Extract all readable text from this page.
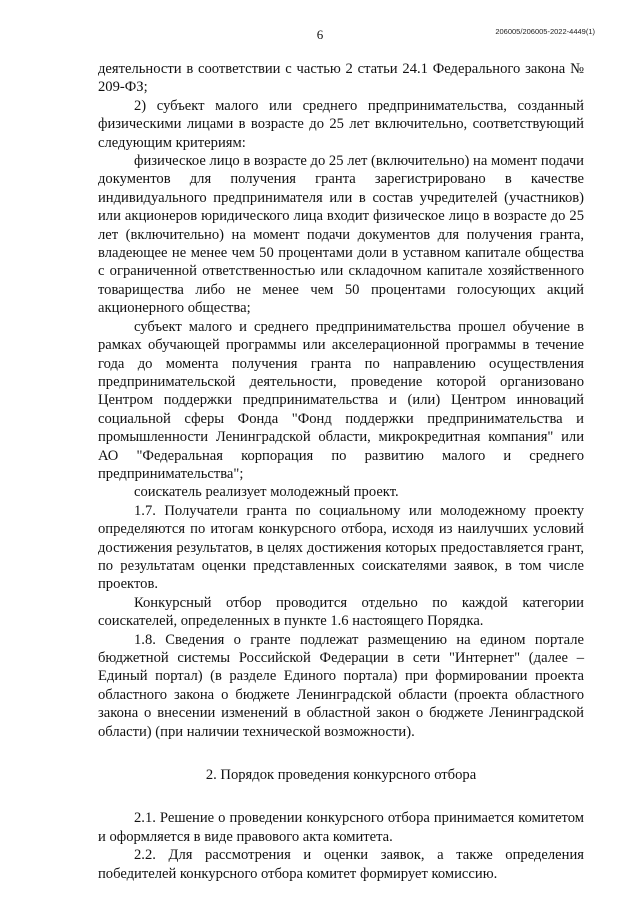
6	206005/206005-2022-4449(1)

деятельности в соответствии с частью 2 статьи 24.1 Федерального закона № 209-ФЗ;

2) субъект малого или среднего предпринимательства, созданный физическими лицами в возрасте до 25 лет включительно, соответствующий следующим критериям:

физическое лицо в возрасте до 25 лет (включительно) на момент подачи документов для получения гранта зарегистрировано в качестве индивидуального предпринимателя или в состав учредителей (участников) или акционеров юридического лица входит физическое лицо в возрасте до 25 лет (включительно) на момент подачи документов для получения гранта, владеющее не менее чем 50 процентами доли в уставном капитале общества с ограниченной ответственностью или складочном капитале хозяйственного товарищества либо не менее чем 50 процентами голосующих акций акционерного общества;

субъект малого и среднего предпринимательства прошел обучение в рамках обучающей программы или акселерационной программы в течение года до момента получения гранта по направлению осуществления предпринимательской деятельности, проведение которой организовано Центром поддержки предпринимательства и (или) Центром инноваций социальной сферы Фонда "Фонд поддержки предпринимательства и промышленности Ленинградской области, микрокредитная компания" или АО "Федеральная корпорация по развитию малого и среднего предпринимательства";

соискатель реализует молодежный проект.

1.7. Получатели гранта по социальному или молодежному проекту определяются по итогам конкурсного отбора, исходя из наилучших условий достижения результатов, в целях достижения которых предоставляется грант, по результатам оценки представленных соискателями заявок, в том числе проектов.

Конкурсный отбор проводится отдельно по каждой категории соискателей, определенных в пункте 1.6 настоящего Порядка.

1.8. Сведения о гранте подлежат размещению на едином портале бюджетной системы Российской Федерации в сети "Интернет" (далее – Единый портал) (в разделе Единого портала) при формировании проекта областного закона о бюджете Ленинградской области (проекта областного закона о внесении изменений в областной закон о бюджете Ленинградской области) (при наличии технической возможности).

2. Порядок проведения конкурсного отбора

2.1. Решение о проведении конкурсного отбора принимается комитетом и оформляется в виде правового акта комитета.

2.2. Для рассмотрения и оценки заявок, а также определения победителей конкурсного отбора комитет формирует комиссию.
